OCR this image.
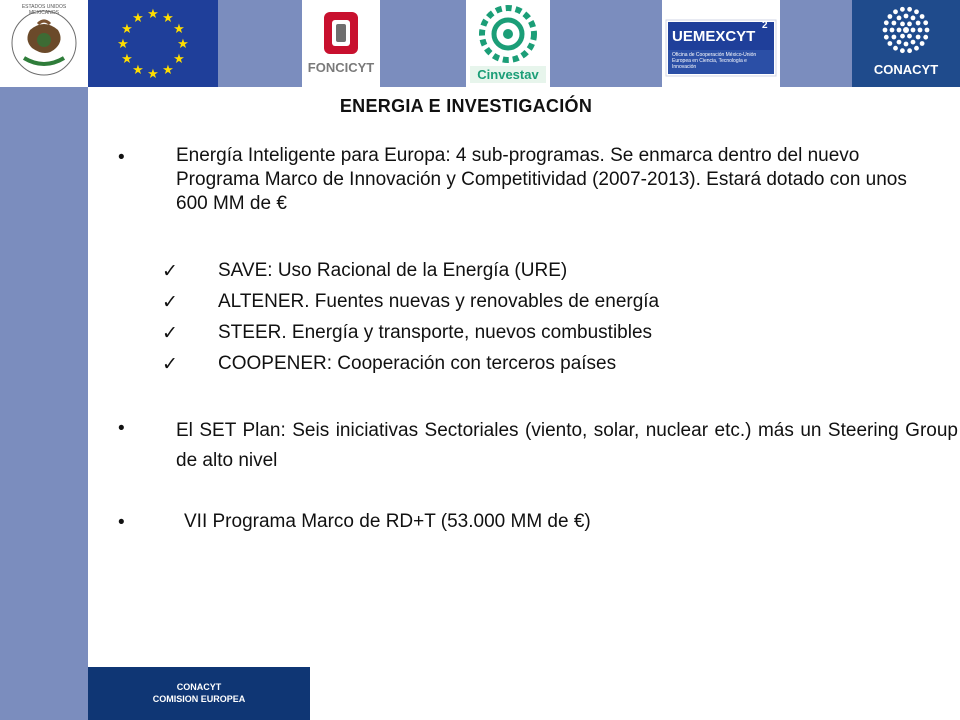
ESTADOS UNIDOS MEXICANOS	★ ★
★
★
★
★
★
★
★
★
★
★
FONCICYT	Cinvestav
UEMEXCYT
2
Oficina de Cooperación México-Unión Europea en Ciencia, Tecnología e Innovación	CONACYT
ENERGIA E INVESTIGACIÓN
•	Energía Inteligente para Europa: 4 sub-programas. Se enmarca dentro del nuevo Programa Marco de Innovación y Competitividad (2007-2013). Estará dotado con unos 600 MM de €
✓ SAVE: Uso Racional de la Energía (URE)
✓ ALTENER. Fuentes nuevas y renovables de energía
✓ STEER. Energía y transporte, nuevos combustibles
✓ COOPENER: Cooperación con terceros países
•	El SET Plan: Seis iniciativas Sectoriales (viento, solar, nuclear etc.) más un Steering Group de alto nivel
•	VII Programa Marco de RD+T (53.000 MM de €)
CONACYT
COMISION EUROPEA
